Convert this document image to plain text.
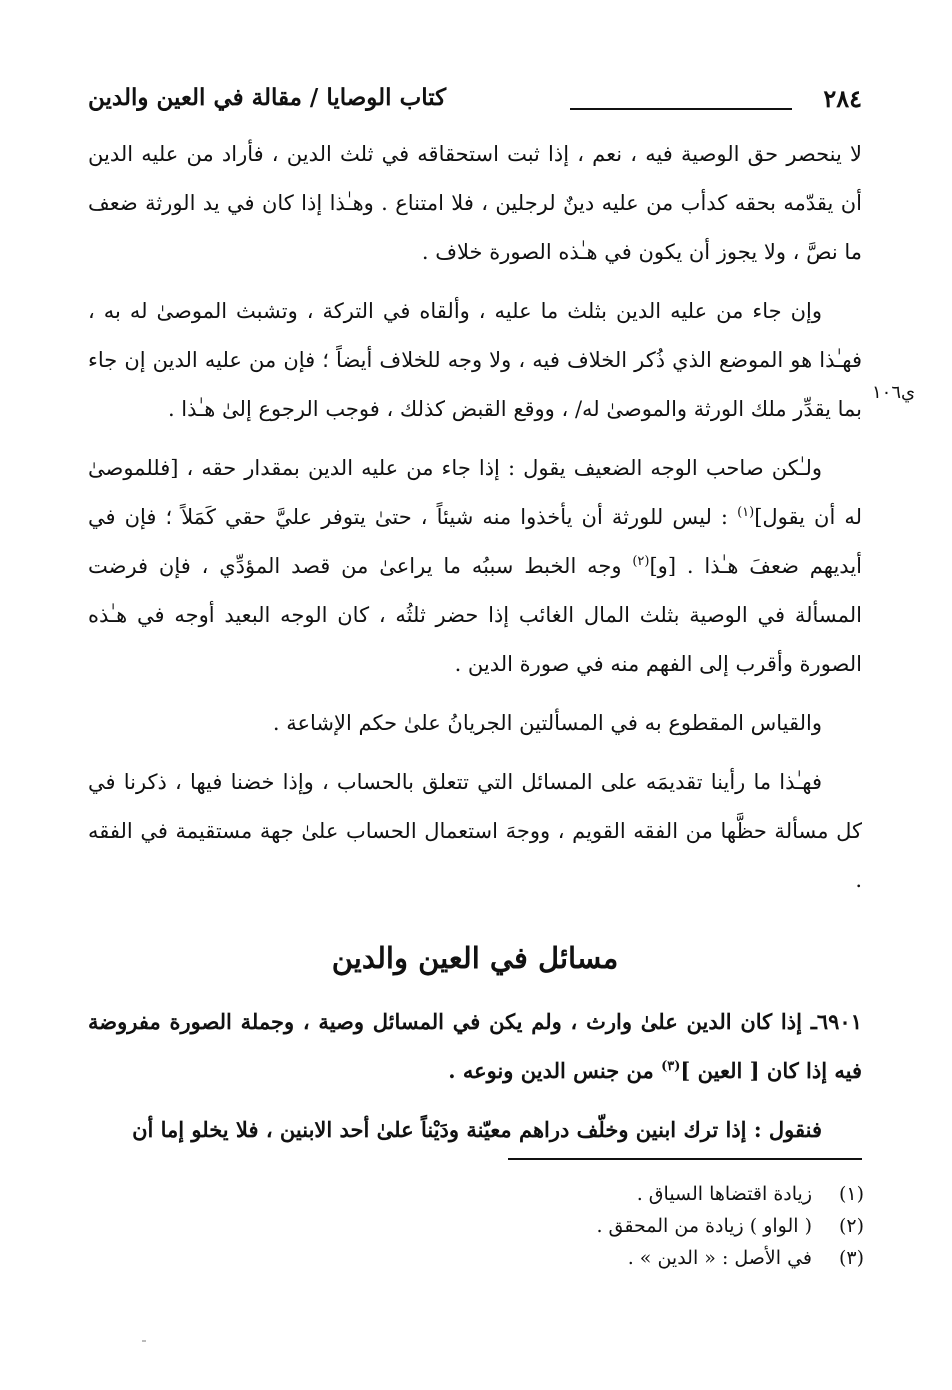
٢٨٤
كتاب الوصايا / مقالة في العين والدين
ي١٠٦

لا ينحصر حق الوصية فيه ، نعم ، إذا ثبت استحقاقه في ثلث الدين ، فأراد من عليه الدين أن يقدّمه بحقه كدأب من عليه دينٌ لرجلين ، فلا امتناع . وهـٰذا إذا كان في يد الورثة ضعف ما نصَّ ، ولا يجوز أن يكون في هـٰذه الصورة خلاف .

وإن جاء من عليه الدين بثلث ما عليه ، وألقاه في التركة ، وتشبث الموصىٰ له به ، فهـٰذا هو الموضع الذي ذُكر الخلاف فيه ، ولا وجه للخلاف أيضاً ؛ فإن من عليه الدين إن جاء بما يقدِّر ملك الورثة والموصىٰ له/ ، ووقع القبض كذلك ، فوجب الرجوع إلىٰ هـٰذا .

ولـٰكن صاحب الوجه الضعيف يقول : إذا جاء من عليه الدين بمقدار حقه ، [فللموصىٰ له أن يقول]$^{(١)}$ : ليس للورثة أن يأخذوا منه شيئاً ، حتىٰ يتوفر عليَّ حقي كَمَلاً ؛ فإن في أيديهم ضعفَ هـٰذا . [و]$^{(٢)}$ وجه الخبط سببُه ما يراعىٰ من قصد المؤدِّي ، فإن فرضت المسألة في الوصية بثلث المال الغائب إذا حضر ثلثُه ، كان الوجه البعيد أوجه في هـٰذه الصورة وأقرب إلى الفهم منه في صورة الدين .

والقياس المقطوع به في المسألتين الجريانُ علىٰ حكم الإشاعة .

فهـٰذا ما رأينا تقديمَه على المسائل التي تتعلق بالحساب ، وإذا خضنا فيها ، ذكرنا في كل مسألة حظَّها من الفقه القويم ، ووجهَ استعمال الحساب علىٰ جهة مستقيمة في الفقه .

مسائل في العين والدين

٦٩٠١ـ إذا كان الدين علىٰ وارث ، ولم يكن في المسائل وصية ، وجملة الصورة مفروضة فيه إذا كان [ العين ]$^{(٣)}$ من جنس الدين ونوعه .

فنقول : إذا ترك ابنين وخلّف دراهم معيّنة ودَيْناً علىٰ أحد الابنين ، فلا يخلو إما أن

(١)
زيادة اقتضاها السياق .
(٢)
( الواو ) زيادة من المحقق .
(٣)
في الأصل : « الدين » .
